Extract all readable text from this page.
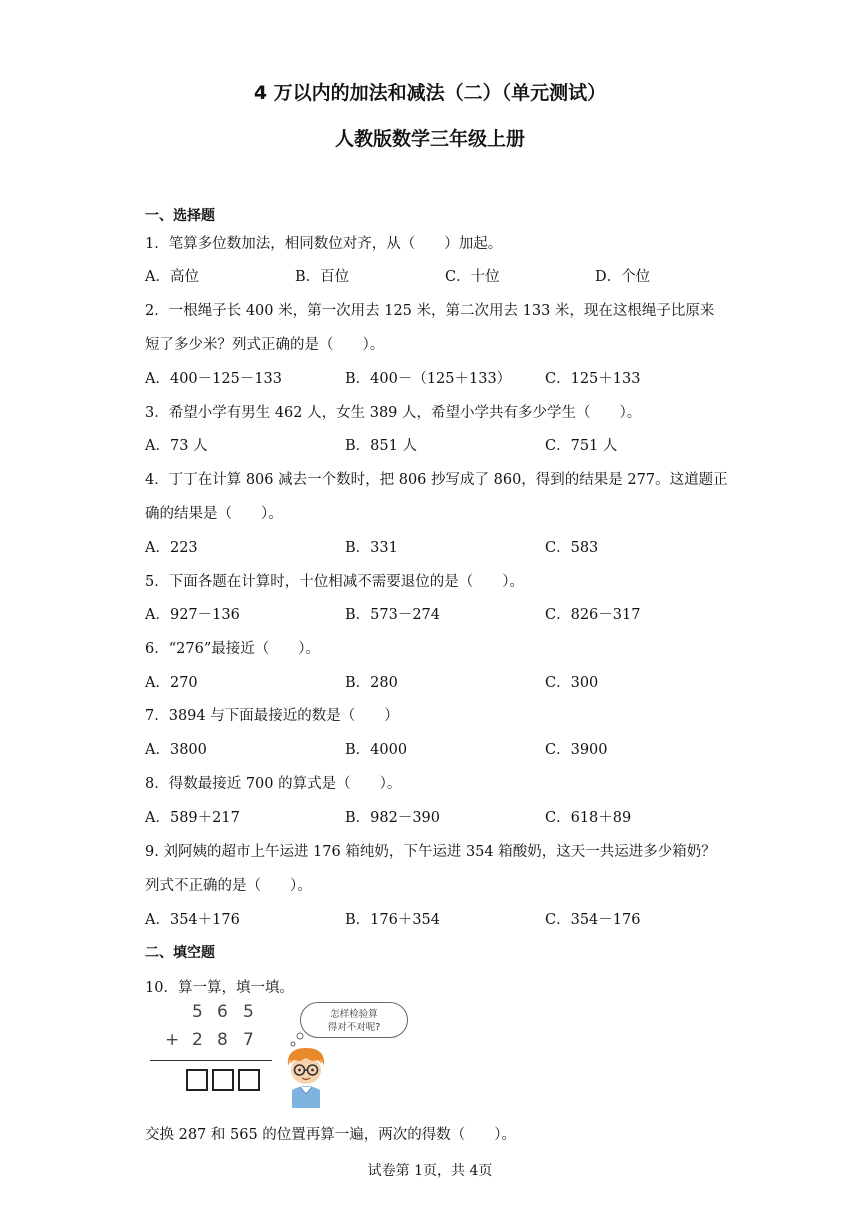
4 万以内的加法和减法（二）（单元测试）
人教版数学三年级上册
一、选择题
1．笔算多位数加法，相同数位对齐，从（　　）加起。
A．高位	B．百位	C．十位	D．个位
2．一根绳子长 400 米，第一次用去 125 米，第二次用去 133 米，现在这根绳子比原来
短了多少米？列式正确的是（　　）。
A．400－125－133	B．400－（125＋133） C．125＋133
3．希望小学有男生 462 人，女生 389 人，希望小学共有多少学生（　　）。
A．73 人	B．851 人	C．751 人
4．丁丁在计算 806 减去一个数时，把 806 抄写成了 860，得到的结果是 277。这道题正
确的结果是（　　）。
A．223	B．331	C．583
5．下面各题在计算时，十位相减不需要退位的是（　　）。
A．927－136	B．573－274	C．826－317
6．“276”最接近（　　）。
A．270	B．280	C．300
7．3894 与下面最接近的数是（　　）
A．3800	B．4000	C．3900
8．得数最接近 700 的算式是（　　）。
A．589＋217	B．982－390	C．618＋89
9. 刘阿姨的超市上午运进 176 箱纯奶，下午运进 354 箱酸奶，这天一共运进多少箱奶？
列式不正确的是（　　）。
A．354＋176	B．176＋354	C．354－176
二、填空题
10．算一算，填一填。
5 6 5
+ 2 8 7
怎样检验算
得对不对呢?
交换 287 和 565 的位置再算一遍，两次的得数（　　）。
试卷第 1页，共 4页
